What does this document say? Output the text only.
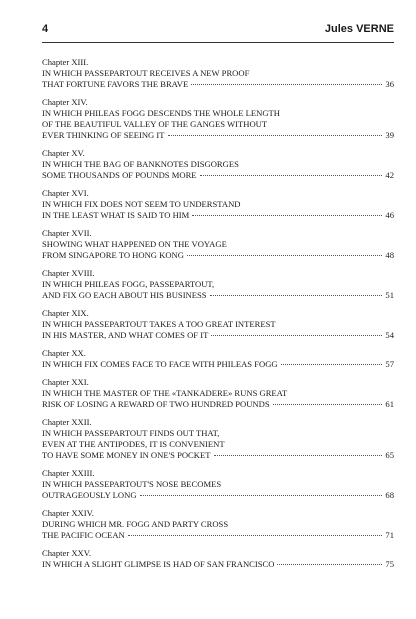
4	Jules VERNE
Chapter XIII.
IN WHICH PASSEPARTOUT RECEIVES A NEW PROOF
THAT FORTUNE FAVORS THE BRAVE	36
Chapter XIV.
IN WHICH PHILEAS FOGG DESCENDS THE WHOLE LENGTH
OF THE BEAUTIFUL VALLEY OF THE GANGES WITHOUT
EVER THINKING OF SEEING IT	39
Chapter XV.
IN WHICH THE BAG OF BANKNOTES DISGORGES
SOME THOUSANDS OF POUNDS MORE	42
Chapter XVI.
IN WHICH FIX DOES NOT SEEM TO UNDERSTAND
IN THE LEAST WHAT IS SAID TO HIM	46
Chapter XVII.
SHOWING WHAT HAPPENED ON THE VOYAGE
FROM SINGAPORE TO HONG KONG	48
Chapter XVIII.
IN WHICH PHILEAS FOGG, PASSEPARTOUT,
AND FIX GO EACH ABOUT HIS BUSINESS	51
Chapter XIX.
IN WHICH PASSEPARTOUT TAKES A TOO GREAT INTEREST
IN HIS MASTER, AND WHAT COMES OF IT	54
Chapter XX.
IN WHICH FIX COMES FACE TO FACE WITH PHILEAS FOGG	57
Chapter XXI.
IN WHICH THE MASTER OF THE «TANKADERE» RUNS GREAT
RISK OF LOSING A REWARD OF TWO HUNDRED POUNDS	61
Chapter XXII.
IN WHICH PASSEPARTOUT FINDS OUT THAT,
EVEN AT THE ANTIPODES, IT IS CONVENIENT
TO HAVE SOME MONEY IN ONE'S POCKET	65
Chapter XXIII.
IN WHICH PASSEPARTOUT'S NOSE BECOMES
OUTRAGEOUSLY LONG	68
Chapter XXIV.
DURING WHICH MR. FOGG AND PARTY CROSS
THE PACIFIC OCEAN	71
Chapter XXV.
IN WHICH A SLIGHT GLIMPSE IS HAD OF SAN FRANCISCO	75
